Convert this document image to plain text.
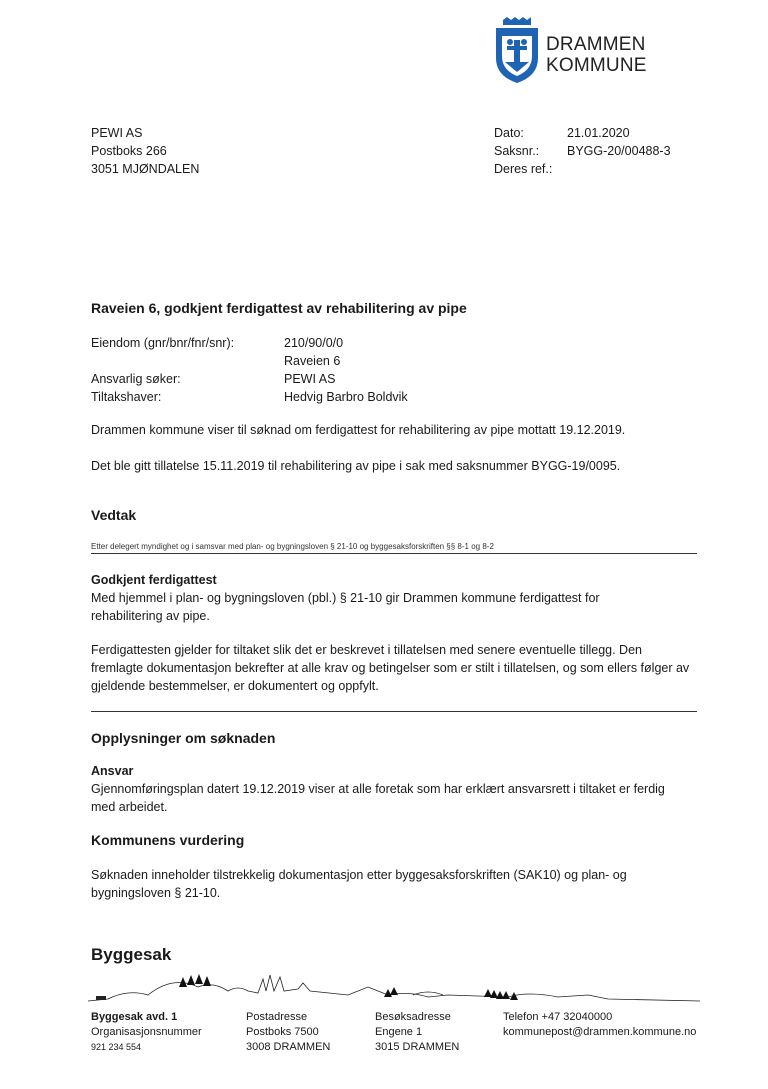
DRAMMEN
KOMMUNE
PEWI AS
Postboks 266
3051 MJØNDALEN
Dato:	21.01.2020
Saksnr.:	BYGG-20/00488-3
Deres ref.:
Raveien 6, godkjent ferdigattest av rehabilitering av pipe
Eiendom (gnr/bnr/fnr/snr):	210/90/0/0
Raveien 6
Ansvarlig søker:	PEWI AS
Tiltakshaver:	Hedvig Barbro Boldvik
Drammen kommune viser til søknad om ferdigattest for rehabilitering av pipe mottatt 19.12.2019.
Det ble gitt tillatelse 15.11.2019 til rehabilitering av pipe i sak med saksnummer BYGG-19/0095.
Vedtak
Etter delegert myndighet og i samsvar med plan- og bygningsloven § 21-10 og byggesaksforskriften §§ 8-1 og 8-2
Godkjent ferdigattest
Med hjemmel i plan- og bygningsloven (pbl.) § 21-10 gir Drammen kommune ferdigattest for rehabilitering av pipe.
Ferdigattesten gjelder for tiltaket slik det er beskrevet i tillatelsen med senere eventuelle tillegg. Den fremlagte dokumentasjon bekrefter at alle krav og betingelser som er stilt i tillatelsen, og som ellers følger av gjeldende bestemmelser, er dokumentert og oppfylt.
Opplysninger om søknaden
Ansvar
Gjennomføringsplan datert 19.12.2019 viser at alle foretak som har erklært ansvarsrett i tiltaket er ferdig med arbeidet.
Kommunens vurdering
Søknaden inneholder tilstrekkelig dokumentasjon etter byggesaksforskriften (SAK10) og plan- og bygningsloven § 21-10.
Byggesak
Byggesak avd. 1
Organisasjonsnummer
921 234 554
Postadresse
Postboks 7500
3008 DRAMMEN
Besøksadresse
Engene 1
3015 DRAMMEN
Telefon +47 32040000
kommunepost@drammen.kommune.no
